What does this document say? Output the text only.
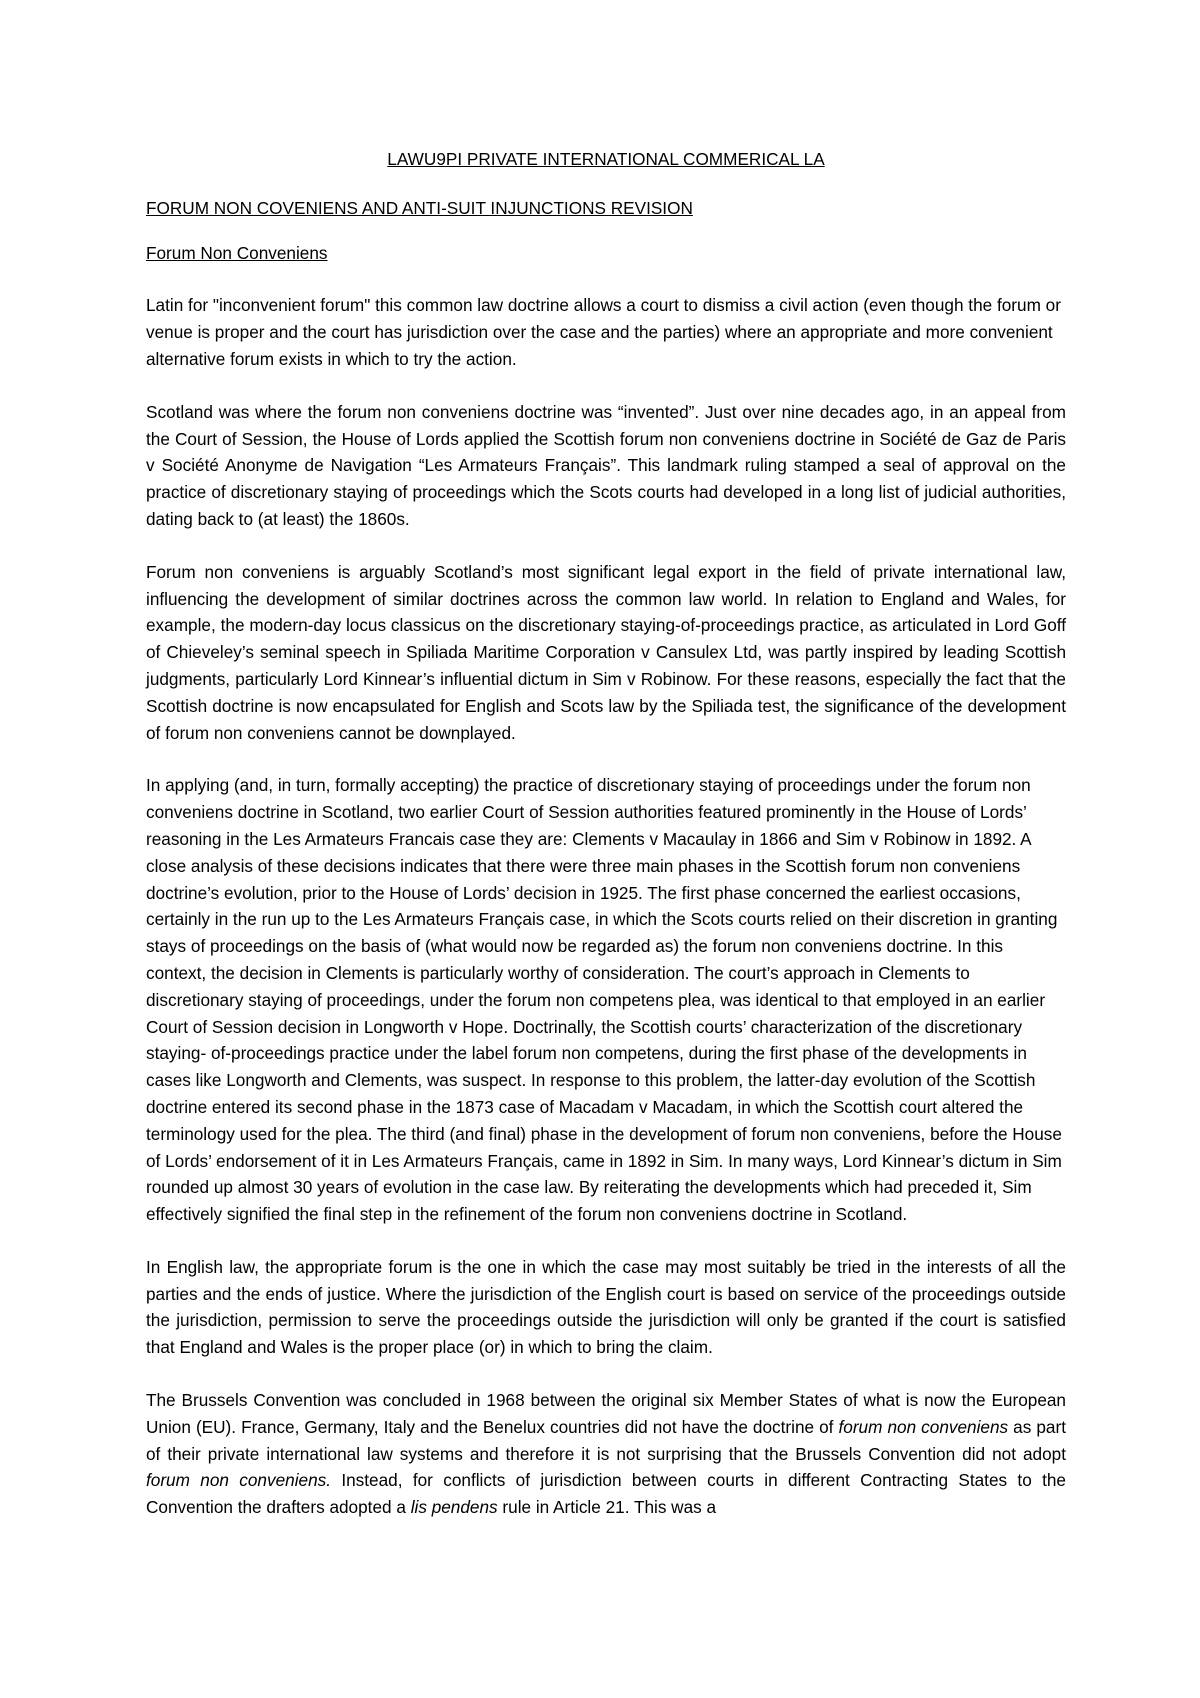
LAWU9PI PRIVATE INTERNATIONAL COMMERICAL LA
FORUM NON COVENIENS AND ANTI-SUIT INJUNCTIONS REVISION
Forum Non Conveniens

Latin for "inconvenient forum" this common law doctrine allows a court to dismiss a civil action (even though the forum or venue is proper and the court has jurisdiction over the case and the parties) where an appropriate and more convenient alternative forum exists in which to try the action.

Scotland was where the forum non conveniens doctrine was “invented”. Just over nine decades ago, in an appeal from the Court of Session, the House of Lords applied the Scottish forum non conveniens doctrine in Société de Gaz de Paris v Société Anonyme de Navigation “Les Armateurs Français”. This landmark ruling stamped a seal of approval on the practice of discretionary staying of proceedings which the Scots courts had developed in a long list of judicial authorities, dating back to (at least) the 1860s.

Forum non conveniens is arguably Scotland’s most significant legal export in the field of private international law, influencing the development of similar doctrines across the common law world. In relation to England and Wales, for example, the modern-day locus classicus on the discretionary staying-of-proceedings practice, as articulated in Lord Goff of Chieveley’s seminal speech in Spiliada Maritime Corporation v Cansulex Ltd, was partly inspired by leading Scottish judgments, particularly Lord Kinnear’s influential dictum in Sim v Robinow. For these reasons, especially the fact that the Scottish doctrine is now encapsulated for English and Scots law by the Spiliada test, the significance of the development of forum non conveniens cannot be downplayed.

In applying (and, in turn, formally accepting) the practice of discretionary staying of proceedings under the forum non conveniens doctrine in Scotland, two earlier Court of Session authorities featured prominently in the House of Lords’ reasoning in the Les Armateurs Francais case they are: Clements v Macaulay in 1866 and Sim v Robinow in 1892. A close analysis of these decisions indicates that there were three main phases in the Scottish forum non conveniens doctrine’s evolution, prior to the House of Lords’ decision in 1925. The first phase concerned the earliest occasions, certainly in the run up to the Les Armateurs Français case, in which the Scots courts relied on their discretion in granting stays of proceedings on the basis of (what would now be regarded as) the forum non conveniens doctrine. In this context, the decision in Clements is particularly worthy of consideration. The court’s approach in Clements to discretionary staying of proceedings, under the forum non competens plea, was identical to that employed in an earlier Court of Session decision in Longworth v Hope. Doctrinally, the Scottish courts’ characterization of the discretionary staying- of-proceedings practice under the label forum non competens, during the first phase of the developments in cases like Longworth and Clements, was suspect. In response to this problem, the latter-day evolution of the Scottish doctrine entered its second phase in the 1873 case of Macadam v Macadam, in which the Scottish court altered the terminology used for the plea. The third (and final) phase in the development of forum non conveniens, before the House of Lords’ endorsement of it in Les Armateurs Français, came in 1892 in Sim. In many ways, Lord Kinnear’s dictum in Sim rounded up almost 30 years of evolution in the case law. By reiterating the developments which had preceded it, Sim effectively signified the final step in the refinement of the forum non conveniens doctrine in Scotland.

In English law, the appropriate forum is the one in which the case may most suitably be tried in the interests of all the parties and the ends of justice. Where the jurisdiction of the English court is based on service of the proceedings outside the jurisdiction, permission to serve the proceedings outside the jurisdiction will only be granted if the court is satisfied that England and Wales is the proper place (or) in which to bring the claim.

The Brussels Convention was concluded in 1968 between the original six Member States of what is now the European Union (EU). France, Germany, Italy and the Benelux countries did not have the doctrine of forum non conveniens as part of their private international law systems and therefore it is not surprising that the Brussels Convention did not adopt forum non conveniens. Instead, for conflicts of jurisdiction between courts in different Contracting States to the Convention the drafters adopted a lis pendens rule in Article 21. This was a
